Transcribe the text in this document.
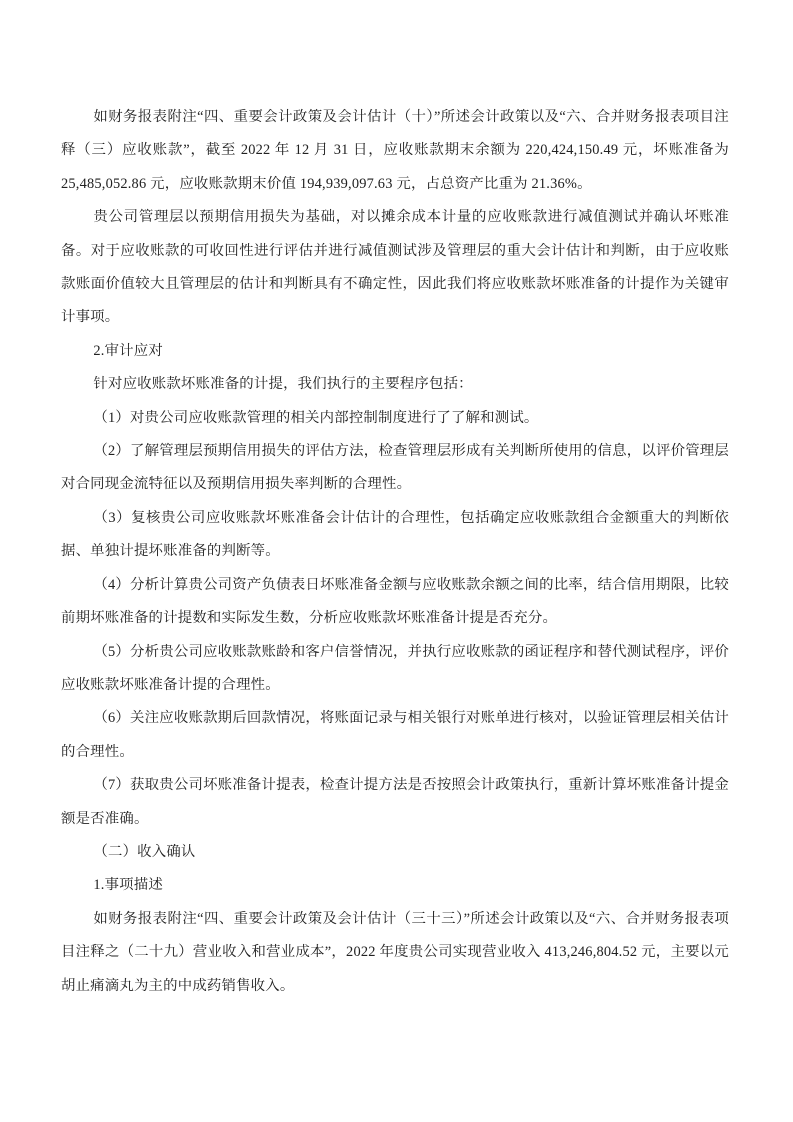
如财务报表附注“四、重要会计政策及会计估计（十）”所述会计政策以及“六、合并财务报表项目注释（三）应收账款”，截至 2022 年 12 月 31 日，应收账款期末余额为 220,424,150.49 元，坏账准备为 25,485,052.86 元，应收账款期末价值 194,939,097.63 元，占总资产比重为 21.36%。

贵公司管理层以预期信用损失为基础，对以摊余成本计量的应收账款进行减值测试并确认坏账准备。对于应收账款的可收回性进行评估并进行减值测试涉及管理层的重大会计估计和判断，由于应收账款账面价值较大且管理层的估计和判断具有不确定性，因此我们将应收账款坏账准备的计提作为关键审计事项。

2.审计应对

针对应收账款坏账准备的计提，我们执行的主要程序包括：

（1）对贵公司应收账款管理的相关内部控制制度进行了了解和测试。

（2）了解管理层预期信用损失的评估方法，检查管理层形成有关判断所使用的信息，以评价管理层对合同现金流特征以及预期信用损失率判断的合理性。

（3）复核贵公司应收账款坏账准备会计估计的合理性，包括确定应收账款组合金额重大的判断依据、单独计提坏账准备的判断等。

（4）分析计算贵公司资产负债表日坏账准备金额与应收账款余额之间的比率，结合信用期限，比较前期坏账准备的计提数和实际发生数，分析应收账款坏账准备计提是否充分。

（5）分析贵公司应收账款账龄和客户信誉情况，并执行应收账款的函证程序和替代测试程序，评价应收账款坏账准备计提的合理性。

（6）关注应收账款期后回款情况，将账面记录与相关银行对账单进行核对，以验证管理层相关估计的合理性。

（7）获取贵公司坏账准备计提表，检查计提方法是否按照会计政策执行，重新计算坏账准备计提金额是否准确。

（二）收入确认

1.事项描述

如财务报表附注“四、重要会计政策及会计估计（三十三）”所述会计政策以及“六、合并财务报表项目注释之（二十九）营业收入和营业成本”，2022 年度贵公司实现营业收入 413,246,804.52 元，主要以元胡止痛滴丸为主的中成药销售收入。
